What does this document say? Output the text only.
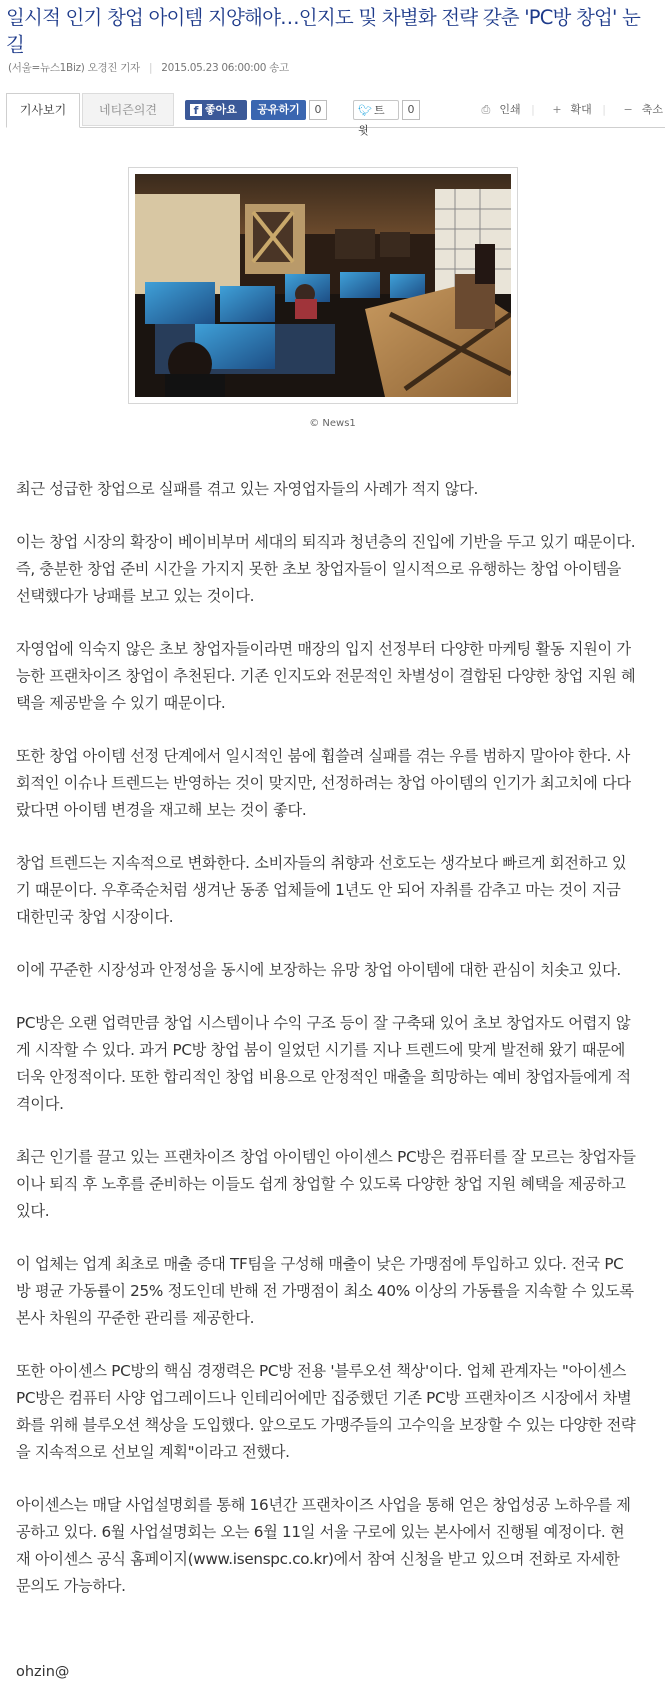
일시적 인기 창업 아이템 지양해야…인지도 및 차별화 전략 갖춘 'PC방 창업' 눈길
(서울=뉴스1Biz) 오경진 기자 | 2015.05.23 06:00:00 송고
기사보기	네티즌의견	f 좋아요	공유하기	0	🐦︎ 트윗
0	⎙ 인쇄 | + 확대 | − 축소
© News1

최근 성급한 창업으로 실패를 겪고 있는 자영업자들의 사례가 적지 않다.

이는 창업 시장의 확장이 베이비부머 세대의 퇴직과 청년층의 진입에 기반을 두고 있기 때문이다. 즉, 충분한 창업 준비 시간을 가지지 못한 초보 창업자들이 일시적으로 유행하는 창업 아이템을 선택했다가 낭패를 보고 있는 것이다.

자영업에 익숙지 않은 초보 창업자들이라면 매장의 입지 선정부터 다양한 마케팅 활동 지원이 가능한 프랜차이즈 창업이 추천된다. 기존 인지도와 전문적인 차별성이 결합된 다양한 창업 지원 혜택을 제공받을 수 있기 때문이다.

또한 창업 아이템 선정 단계에서 일시적인 붐에 휩쓸려 실패를 겪는 우를 범하지 말아야 한다. 사회적인 이슈나 트렌드는 반영하는 것이 맞지만, 선정하려는 창업 아이템의 인기가 최고치에 다다랐다면 아이템 변경을 재고해 보는 것이 좋다.

창업 트렌드는 지속적으로 변화한다. 소비자들의 취향과 선호도는 생각보다 빠르게 회전하고 있기 때문이다. 우후죽순처럼 생겨난 동종 업체들에 1년도 안 되어 자취를 감추고 마는 것이 지금 대한민국 창업 시장이다.

이에 꾸준한 시장성과 안정성을 동시에 보장하는 유망 창업 아이템에 대한 관심이 치솟고 있다.

PC방은 오랜 업력만큼 창업 시스템이나 수익 구조 등이 잘 구축돼 있어 초보 창업자도 어렵지 않게 시작할 수 있다. 과거 PC방 창업 붐이 일었던 시기를 지나 트렌드에 맞게 발전해 왔기 때문에 더욱 안정적이다. 또한 합리적인 창업 비용으로 안정적인 매출을 희망하는 예비 창업자들에게 적격이다.

최근 인기를 끌고 있는 프랜차이즈 창업 아이템인 아이센스 PC방은 컴퓨터를 잘 모르는 창업자들이나 퇴직 후 노후를 준비하는 이들도 쉽게 창업할 수 있도록 다양한 창업 지원 혜택을 제공하고 있다.

이 업체는 업계 최초로 매출 증대 TF팀을 구성해 매출이 낮은 가맹점에 투입하고 있다. 전국 PC방 평균 가동률이 25% 정도인데 반해 전 가맹점이 최소 40% 이상의 가동률을 지속할 수 있도록 본사 차원의 꾸준한 관리를 제공한다.

또한 아이센스 PC방의 핵심 경쟁력은 PC방 전용 '블루오션 책상'이다. 업체 관계자는 "아이센스 PC방은 컴퓨터 사양 업그레이드나 인테리어에만 집중했던 기존 PC방 프랜차이즈 시장에서 차별화를 위해 블루오션 책상을 도입했다. 앞으로도 가맹주들의 고수익을 보장할 수 있는 다양한 전략을 지속적으로 선보일 계획"이라고 전했다.

아이센스는 매달 사업설명회를 통해 16년간 프랜차이즈 사업을 통해 얻은 창업성공 노하우를 제공하고 있다. 6월 사업설명회는 오는 6월 11일 서울 구로에 있는 본사에서 진행될 예정이다. 현재 아이센스 공식 홈페이지(www.isenspc.co.kr)에서 참여 신청을 받고 있으며 전화로 자세한 문의도 가능하다.

ohzin@
